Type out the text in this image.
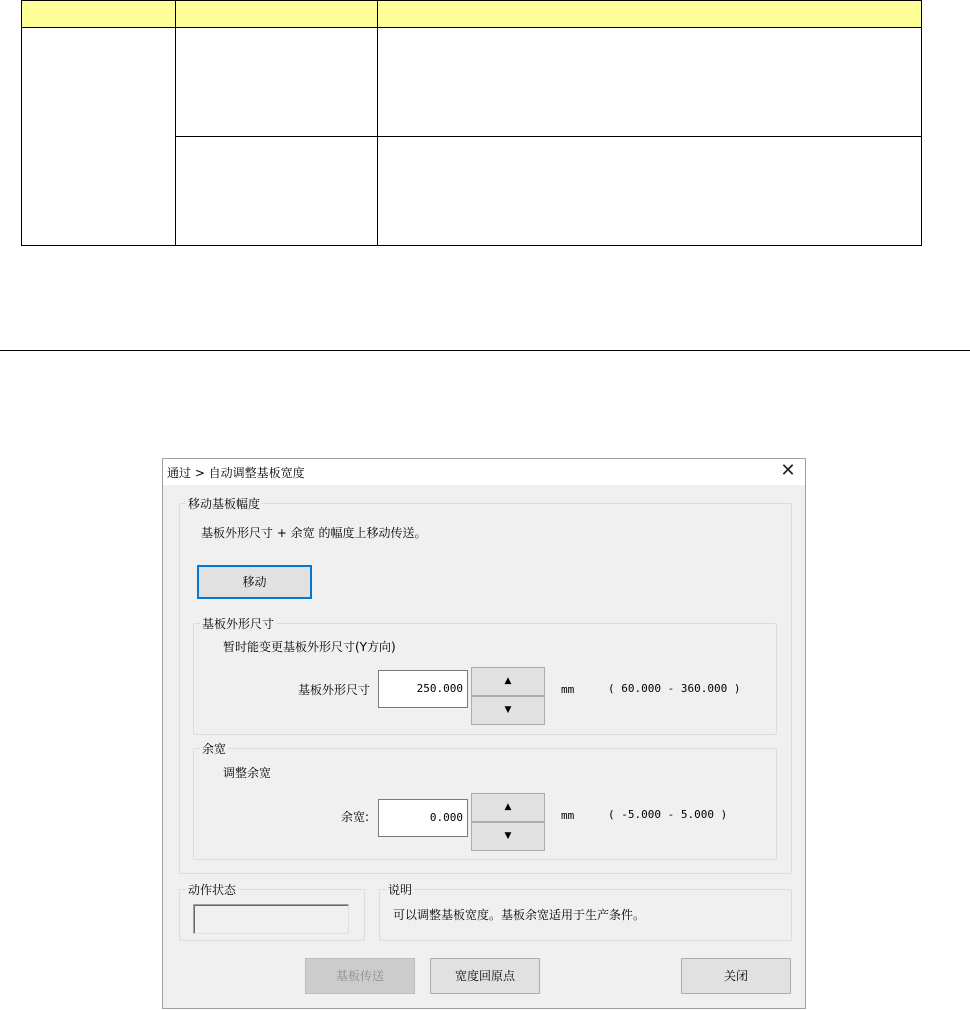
通过 > 自动调整基板宽度	✕
移动基板幅度
基板外形尺寸 + 余宽 的幅度上移动传送。
移动
基板外形尺寸
暂时能变更基板外形尺寸(Y方向)
基板外形尺寸	250.000
▲
▼
mm	( 60.000 - 360.000 )
余宽
调整余宽
余宽:	0.000
▲
▼
mm	( -5.000 - 5.000 )
动作状态	说明
可以调整基板宽度。基板余宽适用于生产条件。
基板传送	宽度回原点	关闭
